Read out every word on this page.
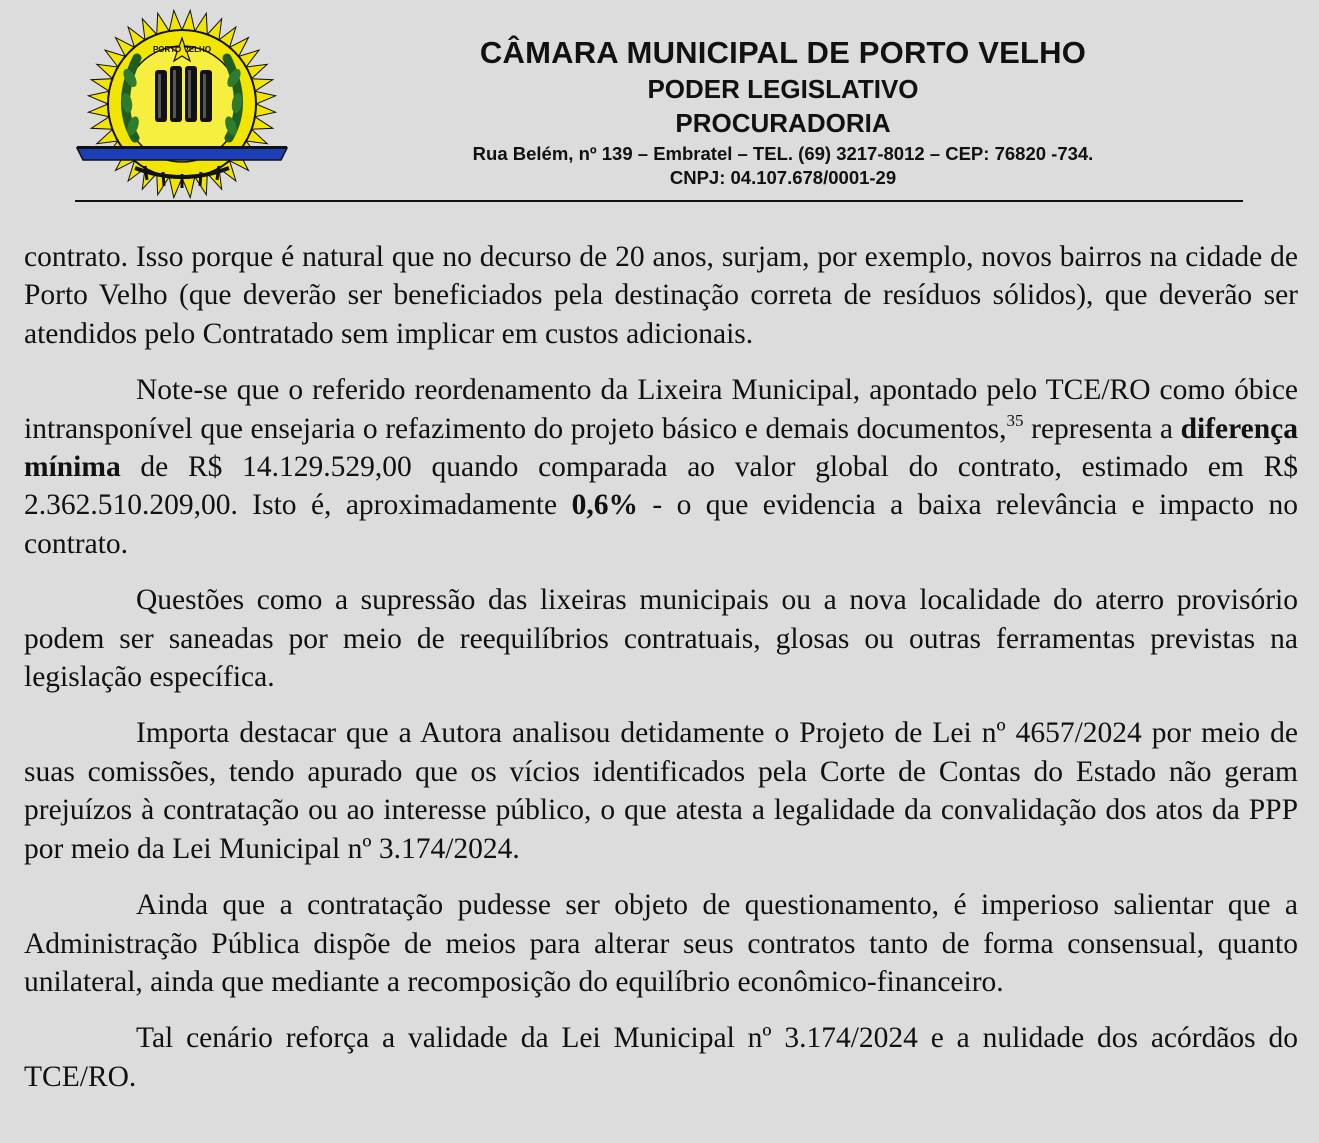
PORTO VELHO	CÂMARA MUNICIPAL DE PORTO VELHO
PODER LEGISLATIVO
PROCURADORIA
Rua Belém, nº 139 – Embratel – TEL. (69) 3217-8012 – CEP: 76820 -734.
CNPJ: 04.107.678/0001-29

contrato. Isso porque é natural que no decurso de 20 anos, surjam, por exemplo, novos bairros na cidade de Porto Velho (que deverão ser beneficiados pela destinação correta de resíduos sólidos), que deverão ser atendidos pelo Contratado sem implicar em custos adicionais.

Note-se que o referido reordenamento da Lixeira Municipal, apontado pelo TCE/RO como óbice intransponível que ensejaria o refazimento do projeto básico e demais documentos,$^{35}$ representa a diferença mínima de R$ 14.129.529,00 quando comparada ao valor global do contrato, estimado em R$ 2.362.510.209,00. Isto é, aproximadamente 0,6% - o que evidencia a baixa relevância e impacto no contrato.

Questões como a supressão das lixeiras municipais ou a nova localidade do aterro provisório podem ser saneadas por meio de reequilíbrios contratuais, glosas ou outras ferramentas previstas na legislação específica.

Importa destacar que a Autora analisou detidamente o Projeto de Lei nº 4657/2024 por meio de suas comissões, tendo apurado que os vícios identificados pela Corte de Contas do Estado não geram prejuízos à contratação ou ao interesse público, o que atesta a legalidade da convalidação dos atos da PPP por meio da Lei Municipal nº 3.174/2024.

Ainda que a contratação pudesse ser objeto de questionamento, é imperioso salientar que a Administração Pública dispõe de meios para alterar seus contratos tanto de forma consensual, quanto unilateral, ainda que mediante a recomposição do equilíbrio econômico-financeiro.

Tal cenário reforça a validade da Lei Municipal nº 3.174/2024 e a nulidade dos acórdãos do TCE/RO.
